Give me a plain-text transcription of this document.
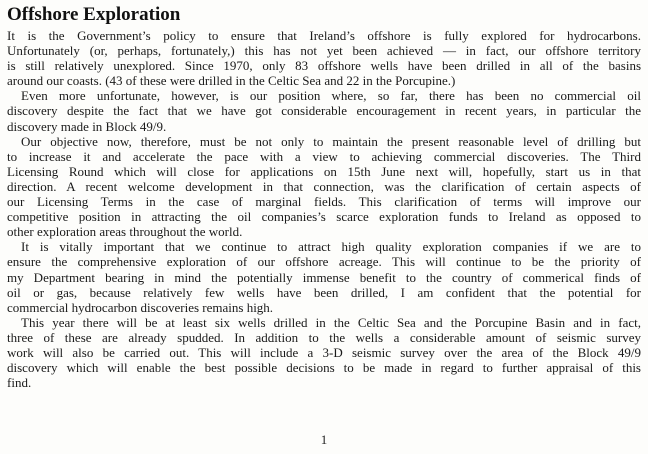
Offshore Exploration

It is the Government’s policy to ensure that Ireland’s offshore is fully explored for hydrocarbons.
Unfortunately (or, perhaps, fortunately,) this has not yet been achieved — in fact, our offshore territory
is still relatively unexplored. Since 1970, only 83 offshore wells have been drilled in all of the basins
around our coasts. (43 of these were drilled in the Celtic Sea and 22 in the Porcupine.)

Even more unfortunate, however, is our position where, so far, there has been no commercial oil
discovery despite the fact that we have got considerable encouragement in recent years, in particular the
discovery made in Block 49/9.

Our objective now, therefore, must be not only to maintain the present reasonable level of drilling but
to increase it and accelerate the pace with a view to achieving commercial discoveries. The Third
Licensing Round which will close for applications on 15th June next will, hopefully, start us in that
direction. A recent welcome development in that connection, was the clarification of certain aspects of
our Licensing Terms in the case of marginal fields. This clarification of terms will improve our
competitive position in attracting the oil companies’s scarce exploration funds to Ireland as opposed to
other exploration areas throughout the world.

It is vitally important that we continue to attract high quality exploration companies if we are to
ensure the comprehensive exploration of our offshore acreage. This will continue to be the priority of
my Department bearing in mind the potentially immense benefit to the country of commerical finds of
oil or gas, because relatively few wells have been drilled, I am confident that the potential for
commercial hydrocarbon discoveries remains high.

This year there will be at least six wells drilled in the Celtic Sea and the Porcupine Basin and in fact,
three of these are already spudded. In addition to the wells a considerable amount of seismic survey
work will also be carried out. This will include a 3-D seismic survey over the area of the Block 49/9
discovery which will enable the best possible decisions to be made in regard to further appraisal of this
find.

1
